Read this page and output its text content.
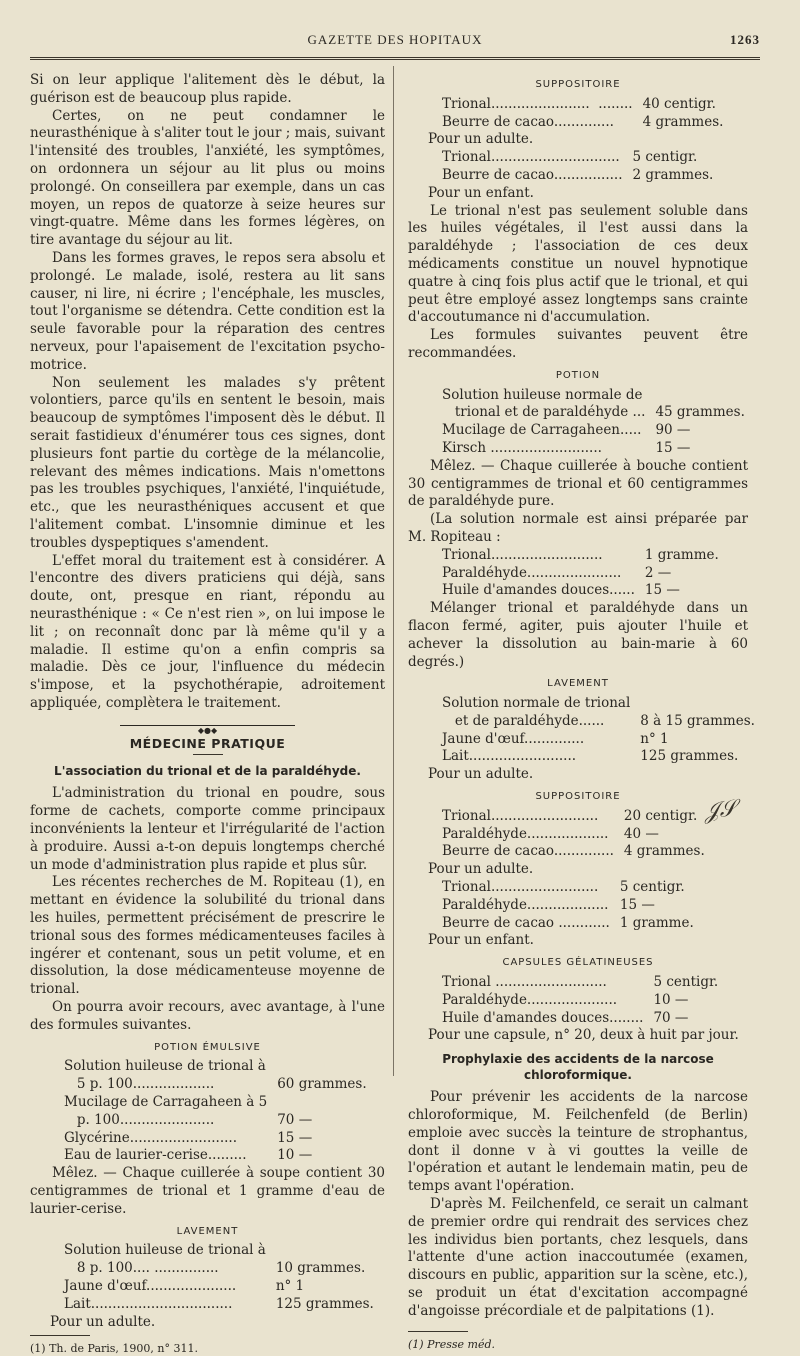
GAZETTE DES HOPITAUX	1263

Si on leur applique l'alitement dès le début, la guérison est de beaucoup plus rapide.

Certes, on ne peut condamner le neurasthénique à s'aliter tout le jour ; mais, suivant l'intensité des troubles, l'anxiété, les symptômes, on ordonnera un séjour au lit plus ou moins prolongé. On conseillera par exemple, dans un cas moyen, un repos de quatorze à seize heures sur vingt-quatre. Même dans les formes légères, on tire avantage du séjour au lit.

Dans les formes graves, le repos sera absolu et prolongé. Le malade, isolé, restera au lit sans causer, ni lire, ni écrire ; l'encéphale, les muscles, tout l'organisme se détendra. Cette condition est la seule favorable pour la réparation des centres nerveux, pour l'apaisement de l'excitation psycho-motrice.

Non seulement les malades s'y prêtent volontiers, parce qu'ils en sentent le besoin, mais beaucoup de symptômes l'imposent dès le début. Il serait fastidieux d'énumérer tous ces signes, dont plusieurs font partie du cortège de la mélancolie, relevant des mêmes indications. Mais n'omettons pas les troubles psychiques, l'anxiété, l'inquiétude, etc., que les neurasthéniques accusent et que l'alitement combat. L'insomnie diminue et les troubles dyspeptiques s'amendent.

L'effet moral du traitement est à considérer. A l'encontre des divers praticiens qui déjà, sans doute, ont, presque en riant, répondu au neurasthénique : « Ce n'est rien », on lui impose le lit ; on reconnaît donc par là même qu'il y a maladie. Il estime qu'on a enfin compris sa maladie. Dès ce jour, l'influence du médecin s'impose, et la psychothérapie, adroitement appliquée, complètera le traitement.

◆●◆
MÉDECINE PRATIQUE
L'association du trional et de la paraldéhyde.

L'administration du trional en poudre, sous forme de cachets, comporte comme principaux inconvénients la lenteur et l'irrégularité de l'action à produire. Aussi a-t-on depuis longtemps cherché un mode d'administration plus rapide et plus sûr.

Les récentes recherches de M. Ropiteau (1), en mettant en évidence la solubilité du trional dans les huiles, permettent précisément de prescrire le trional sous des formes médicamenteuses faciles à ingérer et contenant, sous un petit volume, et en dissolution, la dose médicamenteuse moyenne de trional.

On pourra avoir recours, avec avantage, à l'une des formules suivantes.

POTION ÉMULSIVE
Solution huileuse de trional à	
5 p. 100...................	60 grammes.
Mucilage de Carragaheen à 5	
p. 100......................	70 —
Glycérine.........................	15 —
Eau de laurier-cerise.........	10 —

Mêlez. — Chaque cuillerée à soupe contient 30 centigrammes de trional et 1 gramme d'eau de laurier-cerise.

LAVEMENT
Solution huileuse de trional à	
8 p. 100.... ...............	10 grammes.
Jaune d'œuf.....................	n° 1
Lait.................................	125 grammes.

Pour un adulte.

(1) Th. de Paris, 1900, n° 311.
SUPPOSITOIRE
Trional.......................  ........	40 centigr.
Beurre de cacao..............	4 grammes.

Pour un adulte.

Trional..............................	5 centigr.
Beurre de cacao................	2 grammes.

Pour un enfant.

Le trional n'est pas seulement soluble dans les huiles végétales, il l'est aussi dans la paraldéhyde ; l'association de ces deux médicaments constitue un nouvel hypnotique quatre à cinq fois plus actif que le trional, et qui peut être employé assez longtemps sans crainte d'accoutumance ni d'accumulation.

Les formules suivantes peuvent être recommandées.

POTION
Solution huileuse normale de	
trional et de paraldéhyde ...	45 grammes.
Mucilage de Carragaheen.....	90 —
Kirsch ..........................	15 —

Mêlez. — Chaque cuillerée à bouche contient 30 centigrammes de trional et 60 centigrammes de paraldéhyde pure.

(La solution normale est ainsi préparée par M. Ropiteau :

Trional..........................	1 gramme.
Paraldéhyde......................	2 —
Huile d'amandes douces......	15 —

Mélanger trional et paraldéhyde dans un flacon fermé, agiter, puis ajouter l'huile et achever la dissolution au bain-marie à 60 degrés.)

LAVEMENT
Solution normale de trional	
et de paraldéhyde......	8 à 15 grammes.
Jaune d'œuf..............	n° 1
Lait.........................	125 grammes.

Pour un adulte.

SUPPOSITOIRE
Trional.........................	20 centigr.
Paraldéhyde...................	40 —
Beurre de cacao..............	4 grammes.

Pour un adulte.

Trional.........................	5 centigr.
Paraldéhyde...................	15 —
Beurre de cacao ............	1 gramme.

Pour un enfant.

CAPSULES GÉLATINEUSES
Trional ..........................	5 centigr.
Paraldéhyde.....................	10 —
Huile d'amandes douces........	70 —

Pour une capsule, n° 20, deux à huit par jour.

Prophylaxie des accidents de la narcose chloroformique.

Pour prévenir les accidents de la narcose chloroformique, M. Feilchenfeld (de Berlin) emploie avec succès la teinture de strophantus, dont il donne v à vi gouttes la veille de l'opération et autant le lendemain matin, peu de temps avant l'opération.

D'après M. Feilchenfeld, ce serait un calmant de premier ordre qui rendrait des services chez les individus bien portants, chez lesquels, dans l'attente d'une action inaccoutumée (examen, discours en public, apparition sur la scène, etc.), se produit un état d'excitation accompagné d'angoisse précordiale et de palpitations (1).

(1) Presse méd.
𝒥𝒮
